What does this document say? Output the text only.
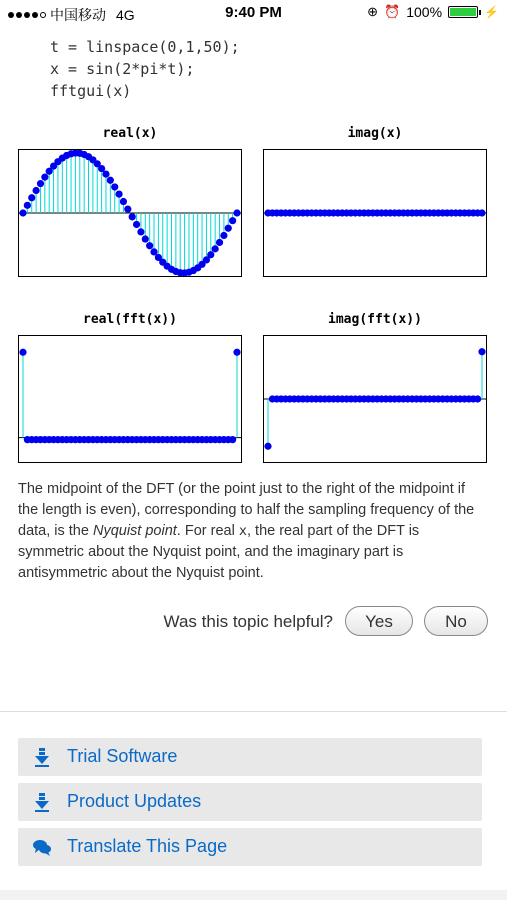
中国移动 4G	9:40 PM	⊕ ⏰ 100%	⚡
t = linspace(0,1,50);
x = sin(2*pi*t);
fftgui(x)
real(x)	imag(x)
real(fft(x))	imag(fft(x))
The midpoint of the DFT (or the point just to the right of the midpoint if the length is even), corresponding to half the sampling frequency of the data, is the Nyquist point. For real x, the real part of the DFT is symmetric about the Nyquist point, and the imaginary part is antisymmetric about the Nyquist point.
Was this topic helpful?	Yes	No
Trial Software
Product Updates
Translate This Page
